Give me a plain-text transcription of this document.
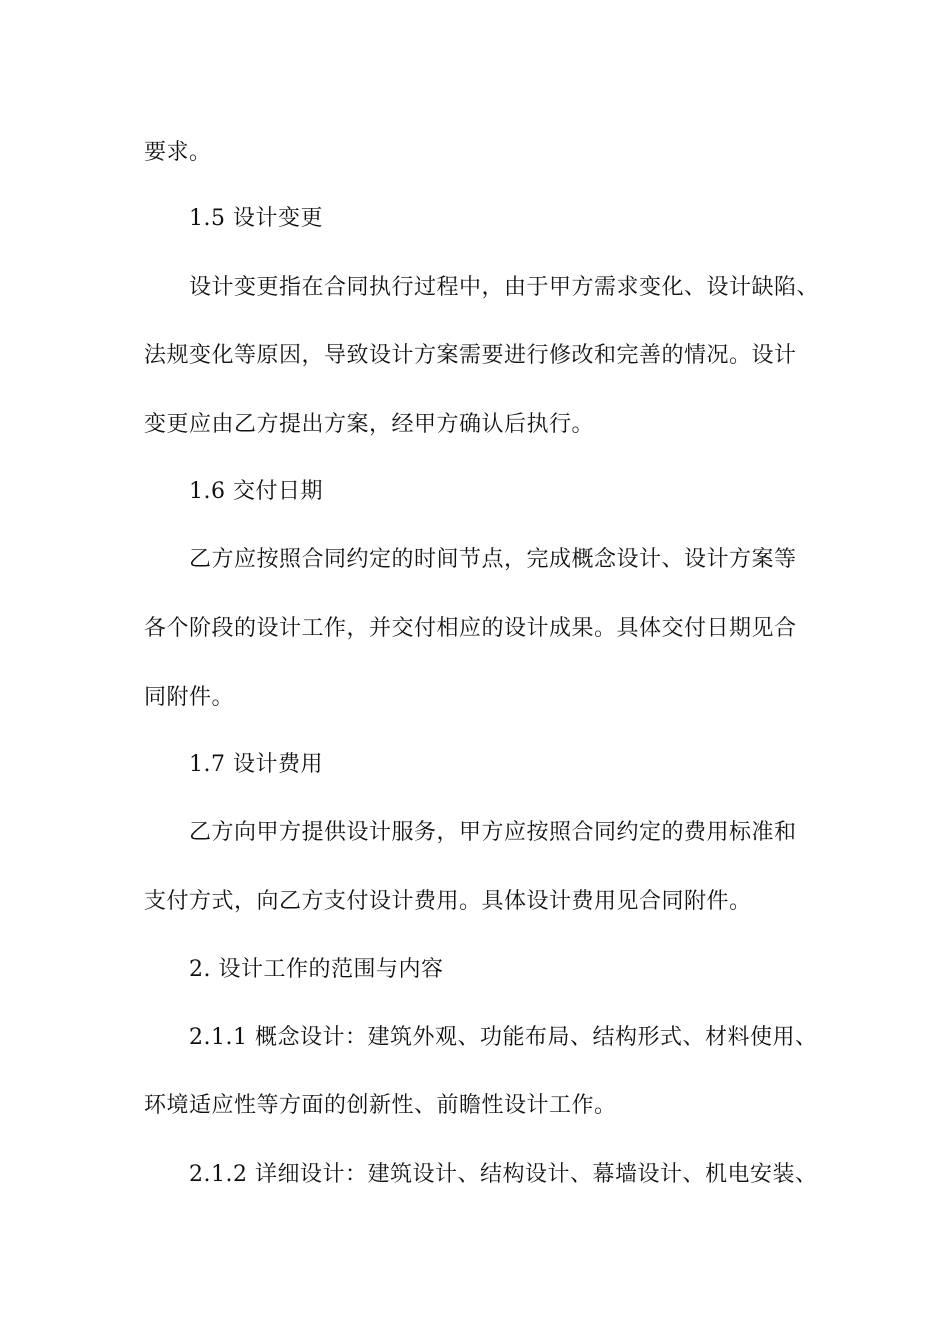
要求。
1.5 设计变更
设计变更指在合同执行过程中，由于甲方需求变化、设计缺陷、
法规变化等原因，导致设计方案需要进行修改和完善的情况。设计
变更应由乙方提出方案，经甲方确认后执行。
1.6 交付日期
乙方应按照合同约定的时间节点，完成概念设计、设计方案等
各个阶段的设计工作，并交付相应的设计成果。具体交付日期见合
同附件。
1.7 设计费用
乙方向甲方提供设计服务，甲方应按照合同约定的费用标准和
支付方式，向乙方支付设计费用。具体设计费用见合同附件。
2. 设计工作的范围与内容
2.1.1 概念设计：建筑外观、功能布局、结构形式、材料使用、
环境适应性等方面的创新性、前瞻性设计工作。
2.1.2 详细设计：建筑设计、结构设计、幕墙设计、机电安装、
